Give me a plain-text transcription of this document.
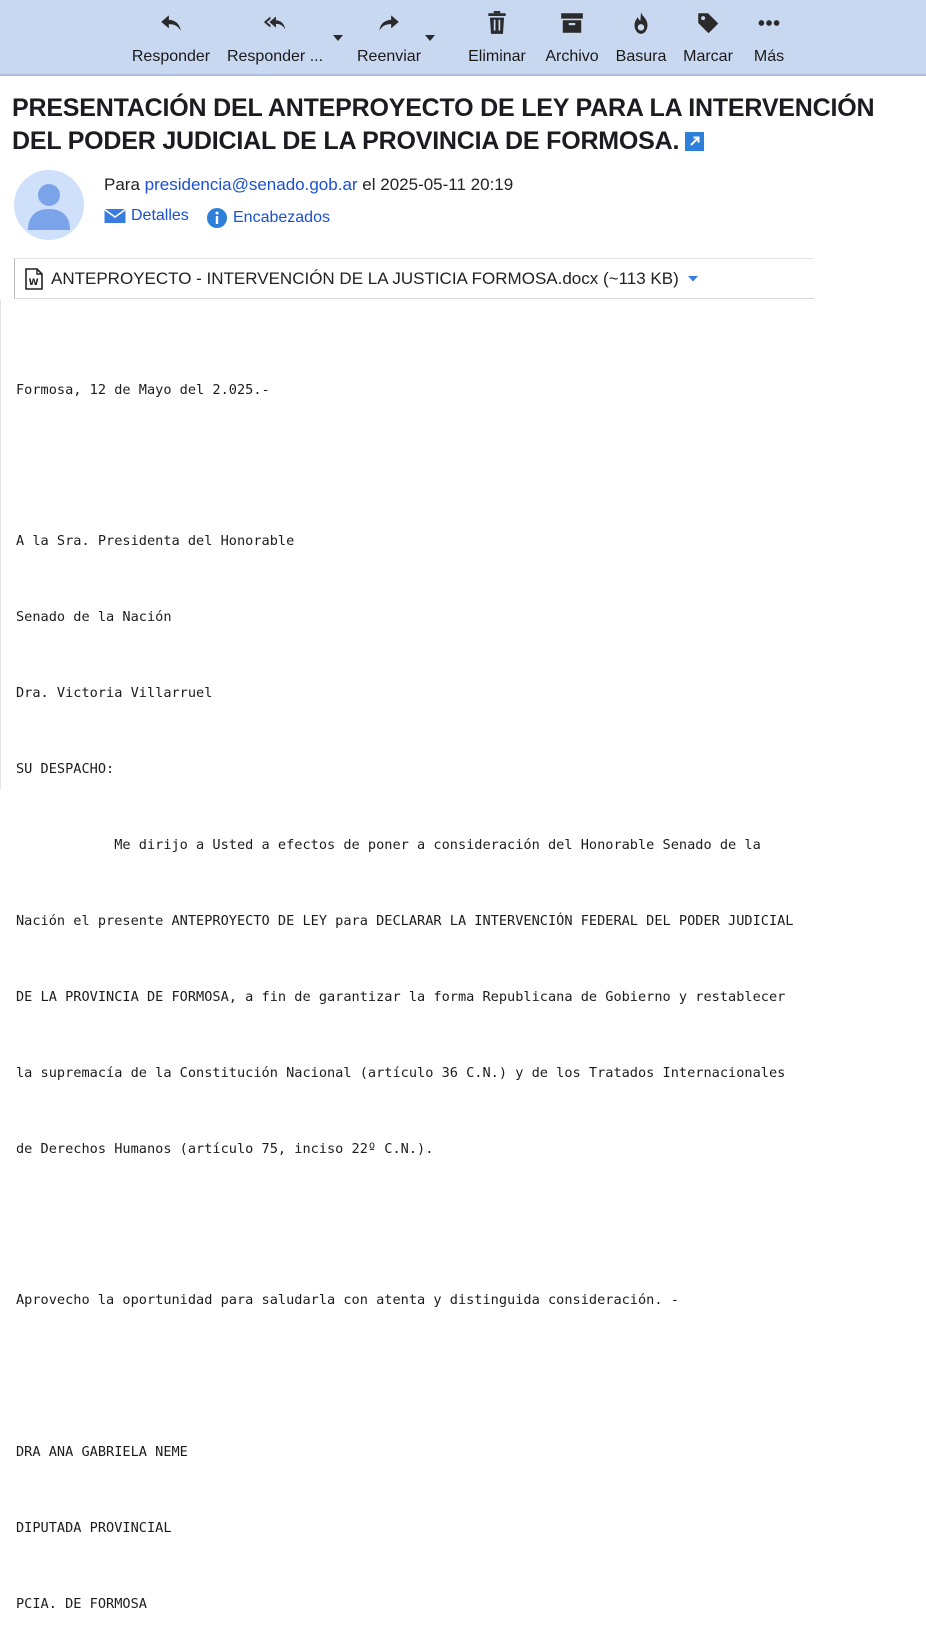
Responder Responder ... Reenviar	Eliminar Archivo Basura Marcar Más
PRESENTACIÓN DEL ANTEPROYECTO DE LEY PARA LA INTERVENCIÓN
DEL PODER JUDICIAL DE LA PROVINCIA DE FORMOSA.
Para presidencia@senado.gob.ar el 2025-05-11 20:19
Detalles	Encabezados
W ANTEPROYECTO - INTERVENCIÓN DE LA JUSTICIA FORMOSA.docx (~113 KB)

Formosa, 12 de Mayo del 2.025.-

A la Sra. Presidenta del Honorable

Senado de la Nación

Dra. Victoria Villarruel

SU DESPACHO:

Me dirijo a Usted a efectos de poner a consideración del Honorable Senado de la

Nación el presente ANTEPROYECTO DE LEY para DECLARAR LA INTERVENCIÓN FEDERAL DEL PODER JUDICIAL

DE LA PROVINCIA DE FORMOSA, a fin de garantizar la forma Republicana de Gobierno y restablecer

la supremacía de la Constitución Nacional (artículo 36 C.N.) y de los Tratados Internacionales

de Derechos Humanos (artículo 75, inciso 22º C.N.).

Aprovecho la oportunidad para saludarla con atenta y distinguida consideración. -

DRA ANA GABRIELA NEME

DIPUTADA PROVINCIAL

PCIA. DE FORMOSA
